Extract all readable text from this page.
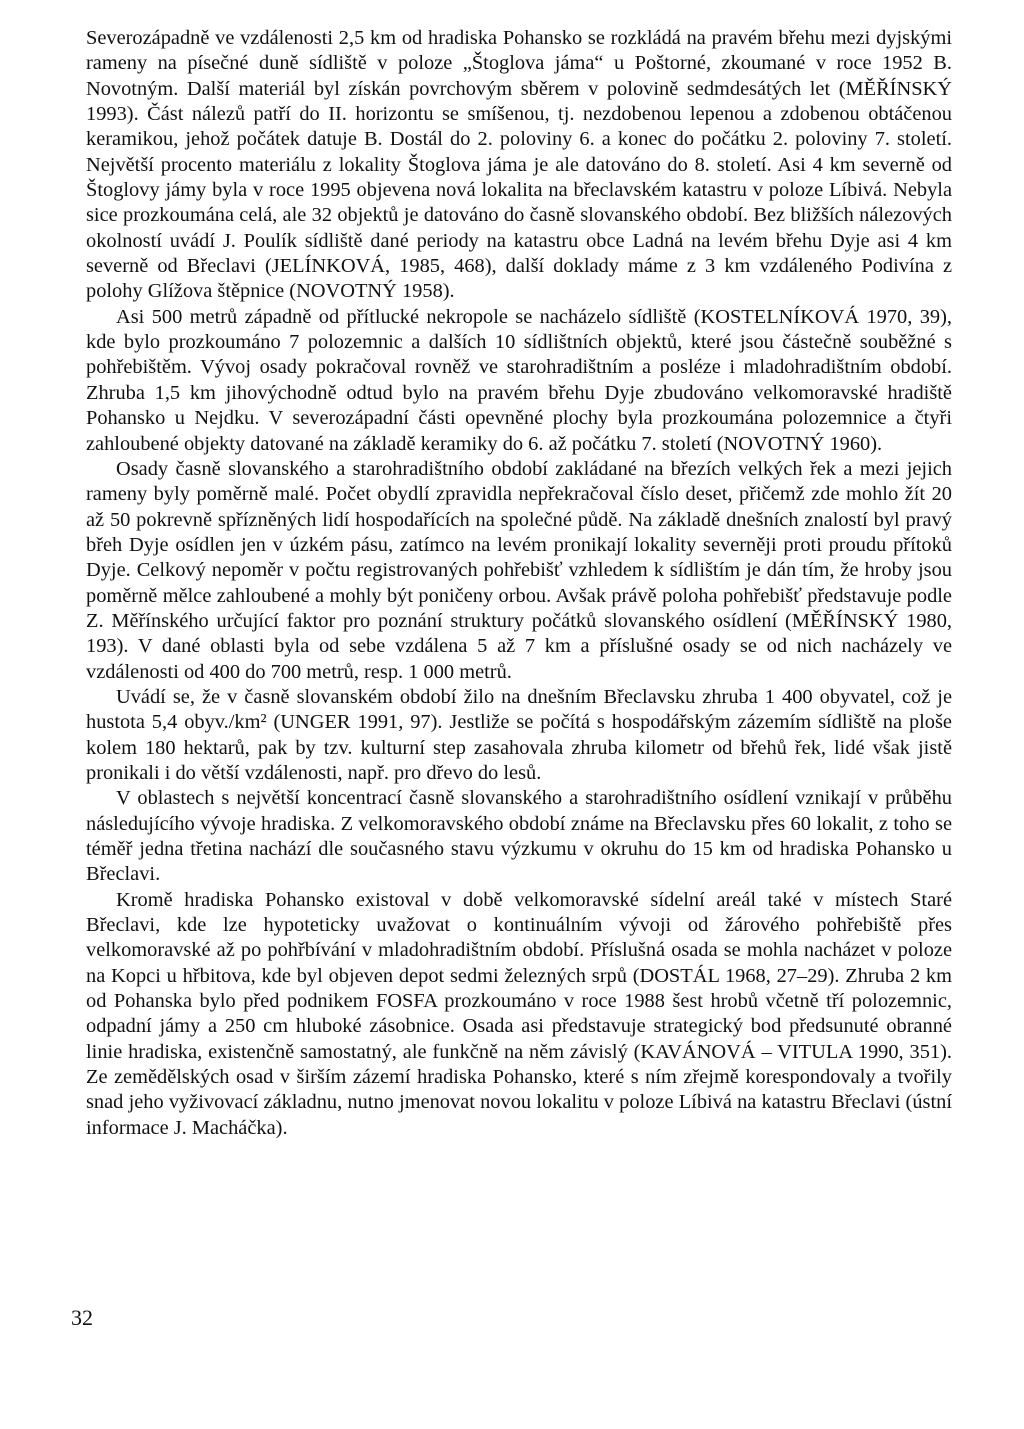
Severozápadně ve vzdálenosti 2,5 km od hradiska Pohansko se rozkládá na pravém břehu mezi dyjskými rameny na písečné duně sídliště v poloze „Štoglova jáma“ u Poštorné, zkoumané v roce 1952 B. Novotným. Další materiál byl získán povrchovým sběrem v polovině sedmdesátých let (MĚŘÍNSKÝ 1993). Část nálezů patří do II. horizontu se smíšenou, tj. nezdobenou lepenou a zdobenou obtáčenou keramikou, jehož počátek datuje B. Dostál do 2. poloviny 6. a konec do počátku 2. poloviny 7. století. Největší procento materiálu z lokality Štoglova jáma je ale datováno do 8. století. Asi 4 km severně od Štoglovy jámy byla v roce 1995 objevena nová lokalita na břeclavském katastru v poloze Líbivá. Nebyla sice prozkoumána celá, ale 32 objektů je datováno do časně slovanského období. Bez bližších nálezových okolností uvádí J. Poulík sídliště dané periody na katastru obce Ladná na levém břehu Dyje asi 4 km severně od Břeclavi (JELÍNKOVÁ, 1985, 468), další doklady máme z 3 km vzdáleného Podivína z polohy Glížova štěpnice (NOVOTNÝ 1958).

Asi 500 metrů západně od přítlucké nekropole se nacházelo sídliště (KOSTELNÍKOVÁ 1970, 39), kde bylo prozkoumáno 7 polozemnic a dalších 10 sídlištních objektů, které jsou částečně souběžné s pohřebištěm. Vývoj osady pokračoval rovněž ve starohradištním a posléze i mladohradištním období. Zhruba 1,5 km jihovýchodně odtud bylo na pravém břehu Dyje zbudováno velkomoravské hradiště Pohansko u Nejdku. V severozápadní části opevněné plochy byla prozkoumána polozemnice a čtyři zahloubené objekty datované na základě keramiky do 6. až počátku 7. století (NOVOTNÝ 1960).

Osady časně slovanského a starohradištního období zakládané na březích velkých řek a mezi jejich rameny byly poměrně malé. Počet obydlí zpravidla nepřekračoval číslo deset, přičemž zde mohlo žít 20 až 50 pokrevně spřízněných lidí hospodařících na společné půdě. Na základě dnešních znalostí byl pravý břeh Dyje osídlen jen v úzkém pásu, zatímco na levém pronikají lokality severněji proti proudu přítoků Dyje. Celkový nepoměr v počtu registrovaných pohřebišť vzhledem k sídlištím je dán tím, že hroby jsou poměrně mělce zahloubené a mohly být poničeny orbou. Avšak právě poloha pohřebišť představuje podle Z. Měřínského určující faktor pro poznání struktury počátků slovanského osídlení (MĚŘÍNSKÝ 1980, 193). V dané oblasti byla od sebe vzdálena 5 až 7 km a příslušné osady se od nich nacházely ve vzdálenosti od 400 do 700 metrů, resp. 1 000 metrů.

Uvádí se, že v časně slovanském období žilo na dnešním Břeclavsku zhruba 1 400 obyvatel, což je hustota 5,4 obyv./km² (UNGER 1991, 97). Jestliže se počítá s hospodářským zázemím sídliště na ploše kolem 180 hektarů, pak by tzv. kulturní step zasahovala zhruba kilometr od břehů řek, lidé však jistě pronikali i do větší vzdálenosti, např. pro dřevo do lesů.

V oblastech s největší koncentrací časně slovanského a starohradištního osídlení vznikají v průběhu následujícího vývoje hradiska. Z velkomoravského období známe na Břeclavsku přes 60 lokalit, z toho se téměř jedna třetina nachází dle současného stavu výzkumu v okruhu do 15 km od hradiska Pohansko u Břeclavi.

Kromě hradiska Pohansko existoval v době velkomoravské sídelní areál také v místech Staré Břeclavi, kde lze hypoteticky uvažovat o kontinuálním vývoji od žárového pohřebiště přes velkomoravské až po pohřbívání v mladohradištním období. Příslušná osada se mohla nacházet v poloze na Kopci u hřbitova, kde byl objeven depot sedmi železných srpů (DOSTÁL 1968, 27–29). Zhruba 2 km od Pohanska bylo před podnikem FOSFA prozkoumáno v roce 1988 šest hrobů včetně tří polozemnic, odpadní jámy a 250 cm hluboké zásobnice. Osada asi představuje strategický bod předsunuté obranné linie hradiska, existenčně samostatný, ale funkčně na něm závislý (KAVÁNOVÁ – VITULA 1990, 351). Ze zemědělských osad v širším zázemí hradiska Pohansko, které s ním zřejmě korespondovaly a tvořily snad jeho vyživovací základnu, nutno jmenovat novou lokalitu v poloze Líbivá na katastru Břeclavi (ústní informace J. Macháčka).

32
